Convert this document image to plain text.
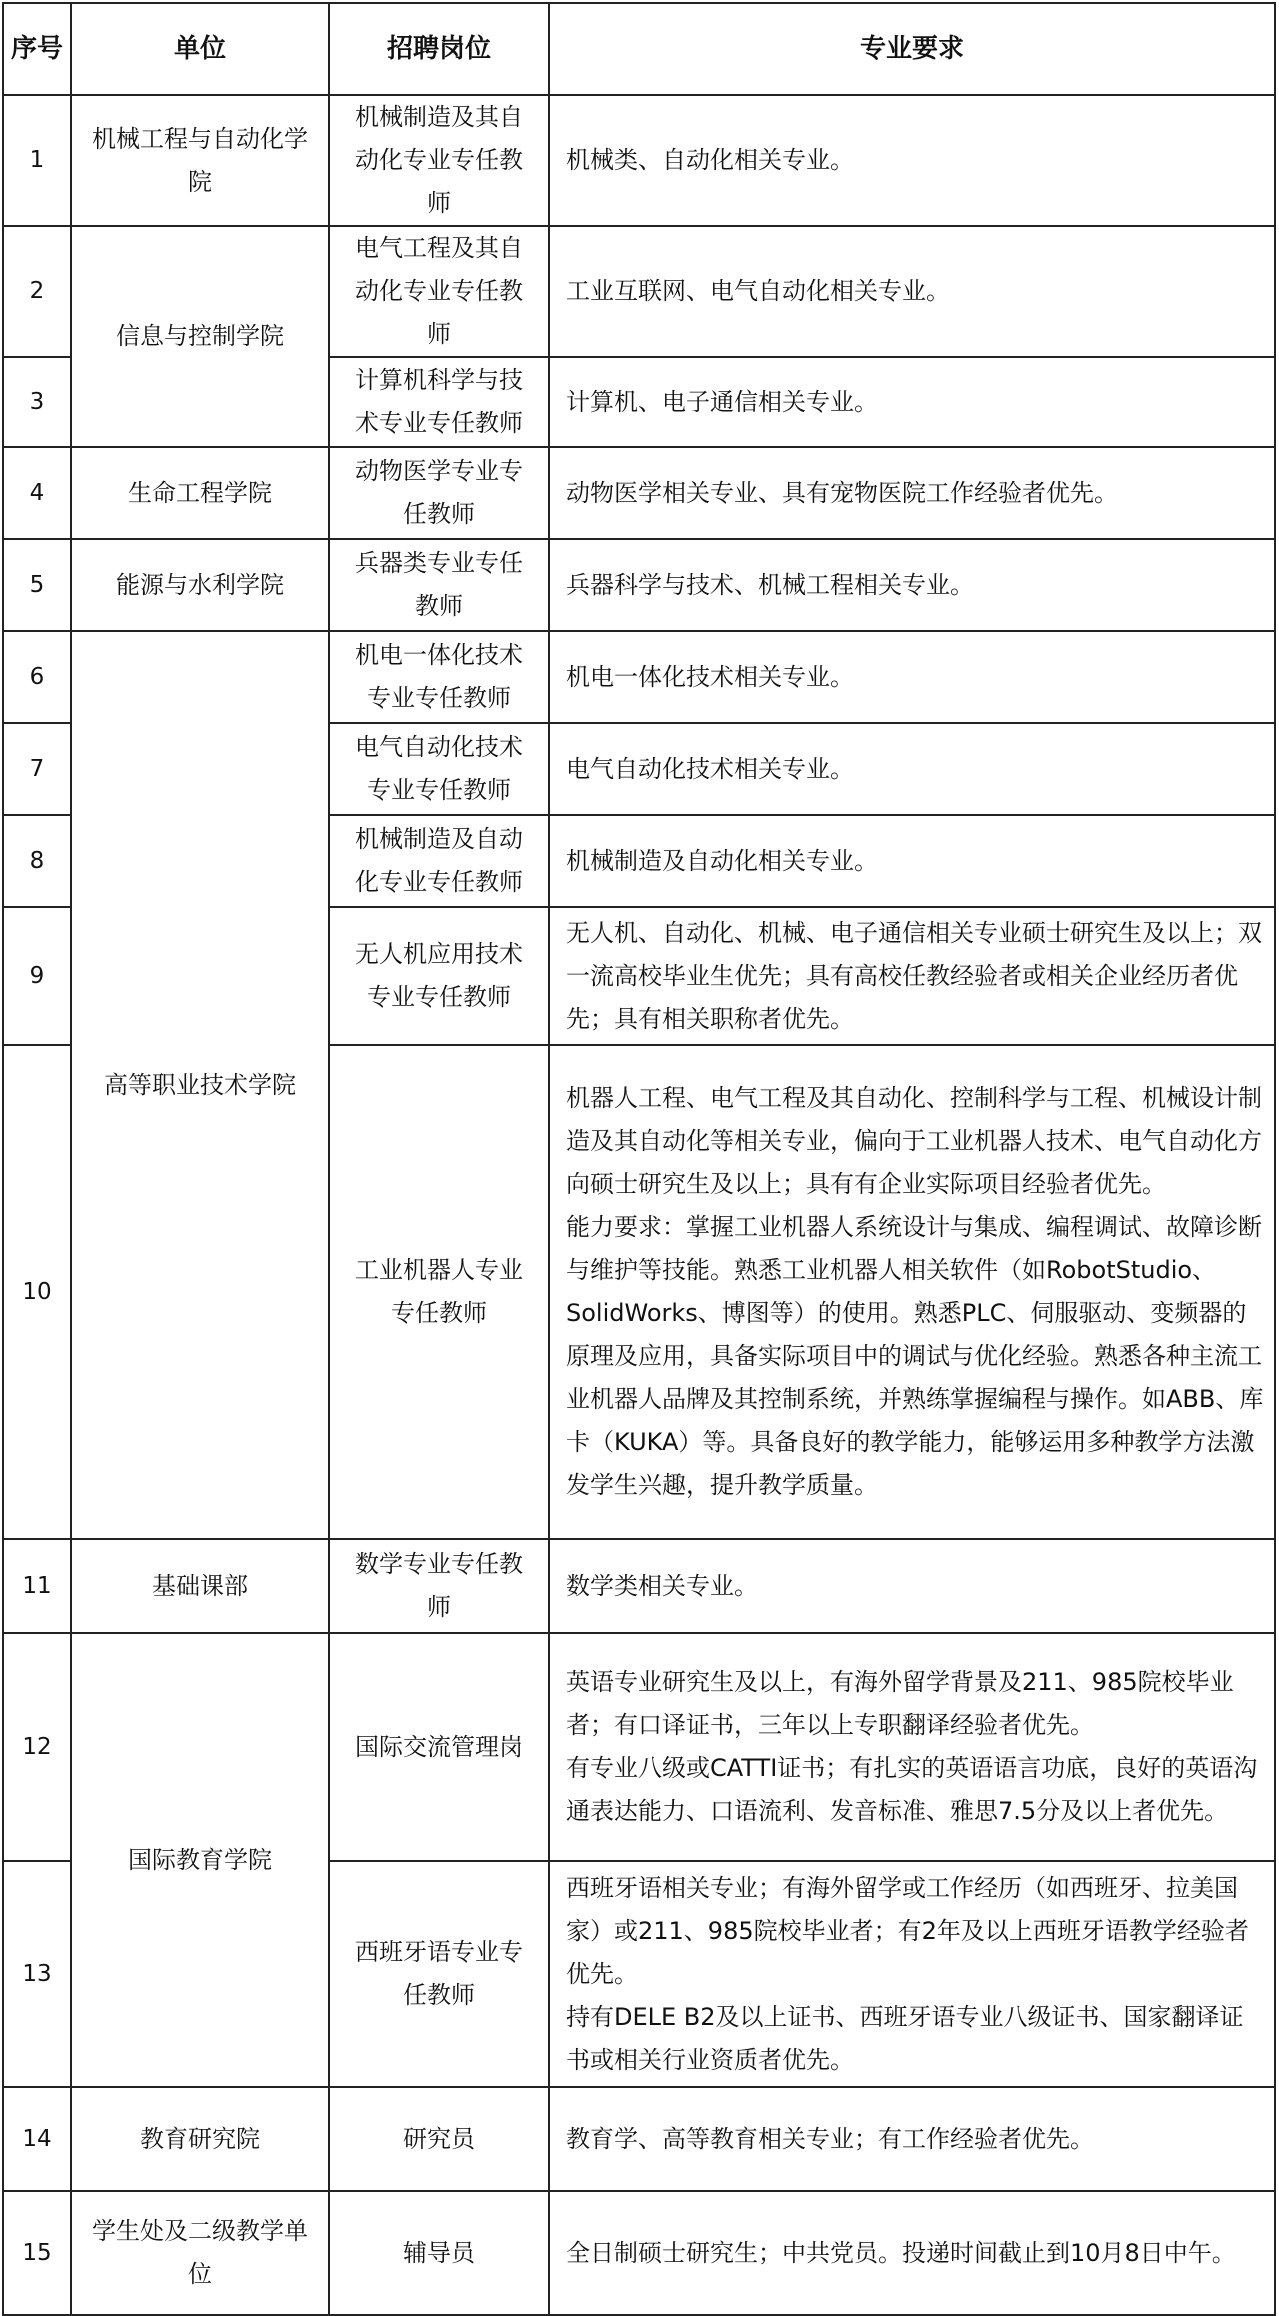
序号	单位	招聘岗位	专业要求
1	机械工程与自动化学院	机械制造及其自动化专业专任教师	机械类、自动化相关专业。

2	信息与控制学院	电气工程及其自动化专业专任教师	工业互联网、电气自动化相关专业。

3		计算机科学与技术专业专任教师	计算机、电子通信相关专业。

4	生命工程学院	动物医学专业专任教师	动物医学相关专业、具有宠物医院工作经验者优先。

5	能源与水利学院	兵器类专业专任教师	兵器科学与技术、机械工程相关专业。

6	高等职业技术学院	机电一体化技术专业专任教师	机电一体化技术相关专业。

7		电气自动化技术专业专任教师	电气自动化技术相关专业。

8		机械制造及自动化专业专任教师	机械制造及自动化相关专业。

9		无人机应用技术专业专任教师	无人机、自动化、机械、电子通信相关专业硕士研究生及以上；双一流高校毕业生优先；具有高校任教经验者或相关企业经历者优先；具有相关职称者优先。

10		工业机器人专业专任教师	机器人工程、电气工程及其自动化、控制科学与工程、机械设计制造及其自动化等相关专业，偏向于工业机器人技术、电气自动化方向硕士研究生及以上；具有有企业实际项目经验者优先。
能力要求：掌握工业机器人系统设计与集成、编程调试、故障诊断与维护等技能。熟悉工业机器人相关软件（如RobotStudio、SolidWorks、博图等）的使用。熟悉PLC、伺服驱动、变频器的原理及应用，具备实际项目中的调试与优化经验。熟悉各种主流工业机器人品牌及其控制系统，并熟练掌握编程与操作。如ABB、库卡（KUKA）等。具备良好的教学能力，能够运用多种教学方法激发学生兴趣，提升教学质量。

11	基础课部	数学专业专任教师	数学类相关专业。

12	国际教育学院	国际交流管理岗	英语专业研究生及以上，有海外留学背景及211、985院校毕业者；有口译证书，三年以上专职翻译经验者优先。
有专业八级或CATTI证书；有扎实的英语语言功底，良好的英语沟通表达能力、口语流利、发音标准、雅思7.5分及以上者优先。

13		西班牙语专业专任教师	西班牙语相关专业；有海外留学或工作经历（如西班牙、拉美国家）或211、985院校毕业者；有2年及以上西班牙语教学经验者优先。
持有DELE B2及以上证书、西班牙语专业八级证书、国家翻译证书或相关行业资质者优先。

14	教育研究院	研究员	教育学、高等教育相关专业；有工作经验者优先。

15	学生处及二级教学单位	辅导员	全日制硕士研究生；中共党员。投递时间截止到10月8日中午。
